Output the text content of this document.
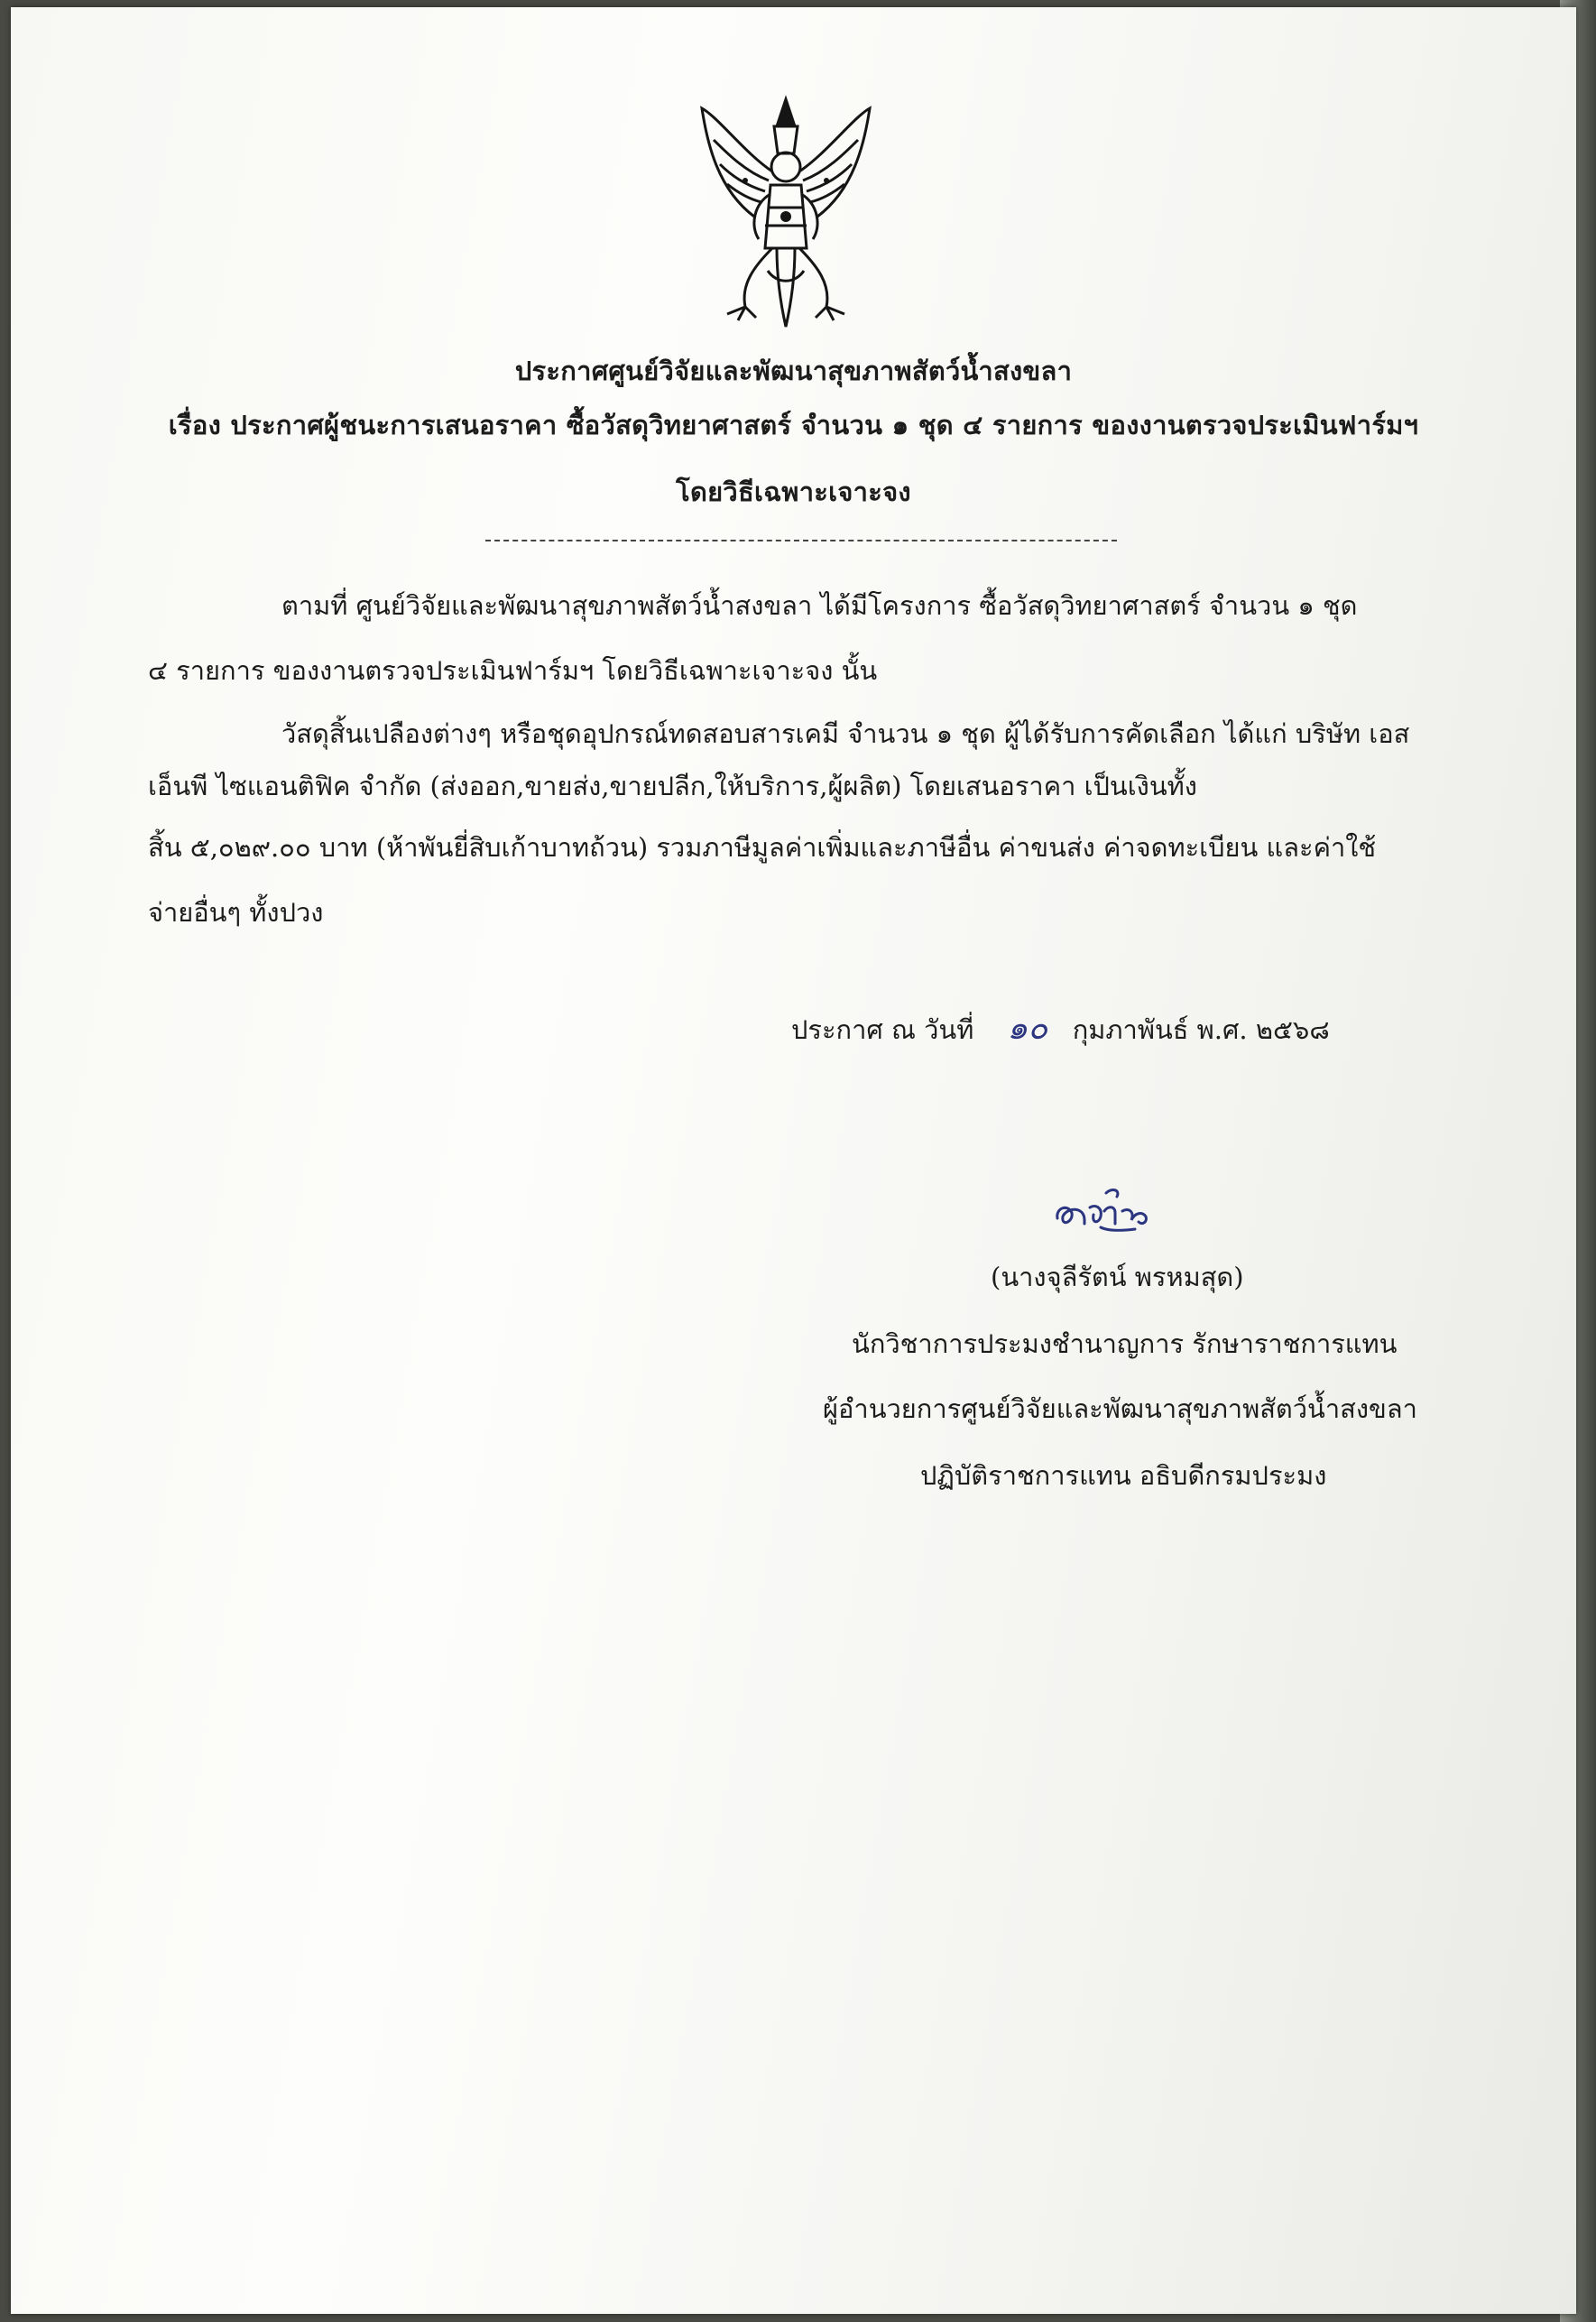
ประกาศศูนย์วิจัยและพัฒนาสุขภาพสัตว์น้ำสงขลา
เรื่อง ประกาศผู้ชนะการเสนอราคา ซื้อวัสดุวิทยาศาสตร์ จำนวน ๑ ชุด ๔ รายการ ของงานตรวจประเมินฟาร์มฯ
โดยวิธีเฉพาะเจาะจง
ตามที่ ศูนย์วิจัยและพัฒนาสุขภาพสัตว์น้ำสงขลา ได้มีโครงการ ซื้อวัสดุวิทยาศาสตร์ จำนวน ๑ ชุด
๔ รายการ ของงานตรวจประเมินฟาร์มฯ โดยวิธีเฉพาะเจาะจง นั้น
วัสดุสิ้นเปลืองต่างๆ หรือชุดอุปกรณ์ทดสอบสารเคมี จำนวน ๑ ชุด ผู้ได้รับการคัดเลือก ได้แก่ บริษัท เอส
เอ็นพี ไซแอนติฟิค จำกัด (ส่งออก,ขายส่ง,ขายปลีก,ให้บริการ,ผู้ผลิต) โดยเสนอราคา เป็นเงินทั้ง
สิ้น ๕,๐๒๙.๐๐ บาท (ห้าพันยี่สิบเก้าบาทถ้วน) รวมภาษีมูลค่าเพิ่มและภาษีอื่น ค่าขนส่ง ค่าจดทะเบียน และค่าใช้
จ่ายอื่นๆ ทั้งปวง
ประกาศ ณ วันที่ ๑๐ กุมภาพันธ์ พ.ศ. ๒๕๖๘
(นางจุลีรัตน์ พรหมสุด)
นักวิชาการประมงชำนาญการ รักษาราชการแทน
ผู้อำนวยการศูนย์วิจัยและพัฒนาสุขภาพสัตว์น้ำสงขลา
ปฏิบัติราชการแทน อธิบดีกรมประมง
